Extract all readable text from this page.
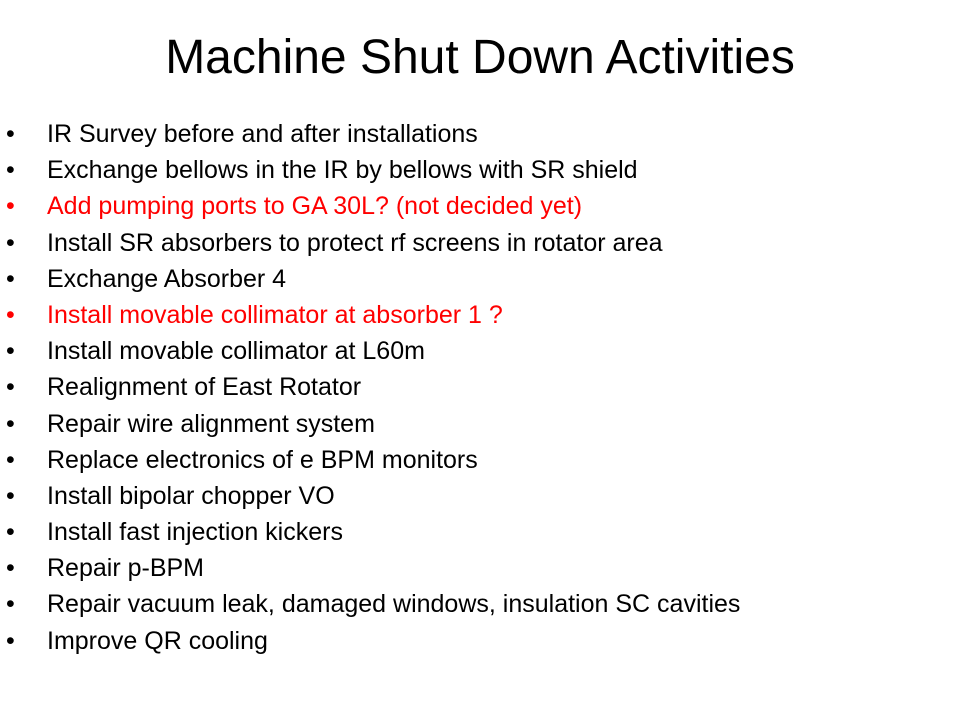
Machine Shut Down Activities
•	IR Survey before and after installations
•	Exchange bellows in the IR by bellows with SR shield
•	Add pumping ports to GA 30L? (not decided yet)
•	Install SR absorbers to protect rf screens in rotator area
•	Exchange Absorber 4
•	Install movable collimator at absorber 1 ?
•	Install movable collimator at L60m
•	Realignment of East Rotator
•	Repair wire alignment system
•	Replace electronics of e BPM monitors
•	Install bipolar chopper VO
•	Install fast injection kickers
•	Repair p-BPM
•	Repair vacuum leak, damaged windows, insulation SC cavities
•	Improve QR cooling
